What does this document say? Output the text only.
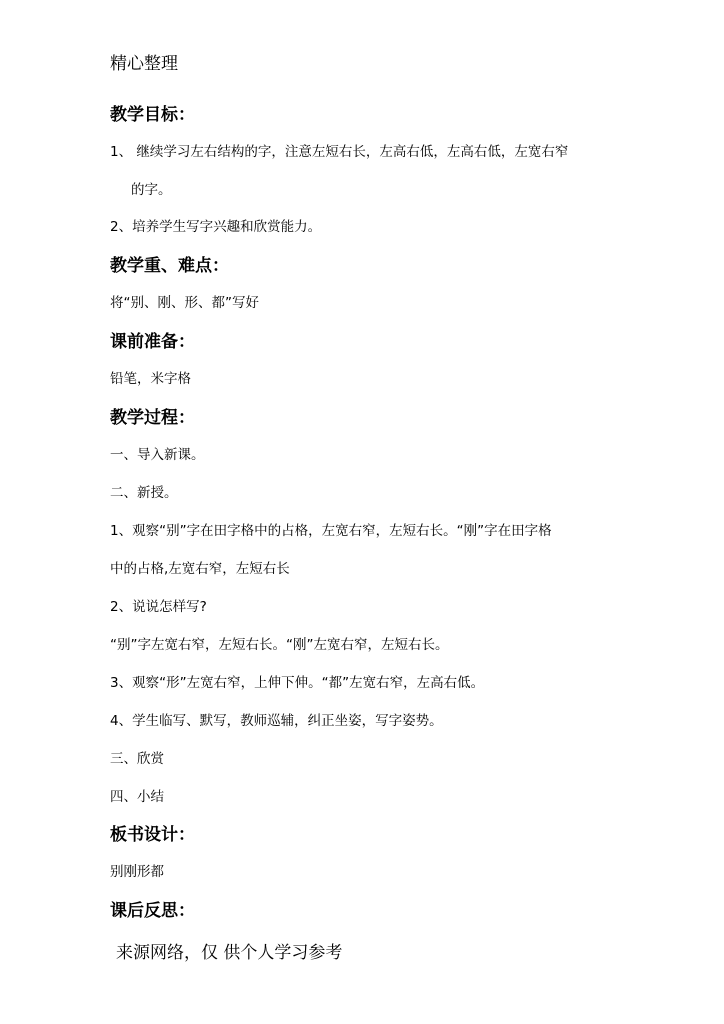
精心整理
教学目标：
1、 继续学习左右结构的字，注意左短右长，左高右低，左高右低，左宽右窄
的字。
2、培养学生写字兴趣和欣赏能力。
教学重、难点：
将“别、刚、形、都”写好
课前准备：
铅笔，米字格
教学过程：
一、导入新课。
二、新授。
1、观察“别”字在田字格中的占格，左宽右窄，左短右长。“刚”字在田字格
中的占格,左宽右窄，左短右长
2、说说怎样写?
“别”字左宽右窄，左短右长。“刚”左宽右窄，左短右长。
3、观察“形”左宽右窄，上伸下伸。“都”左宽右窄，左高右低。
4、学生临写、默写，教师巡辅，纠正坐姿，写字姿势。
三、欣赏
四、小结
板书设计：
别刚形都
课后反思：
来源网络，仅 供个人学习参考
